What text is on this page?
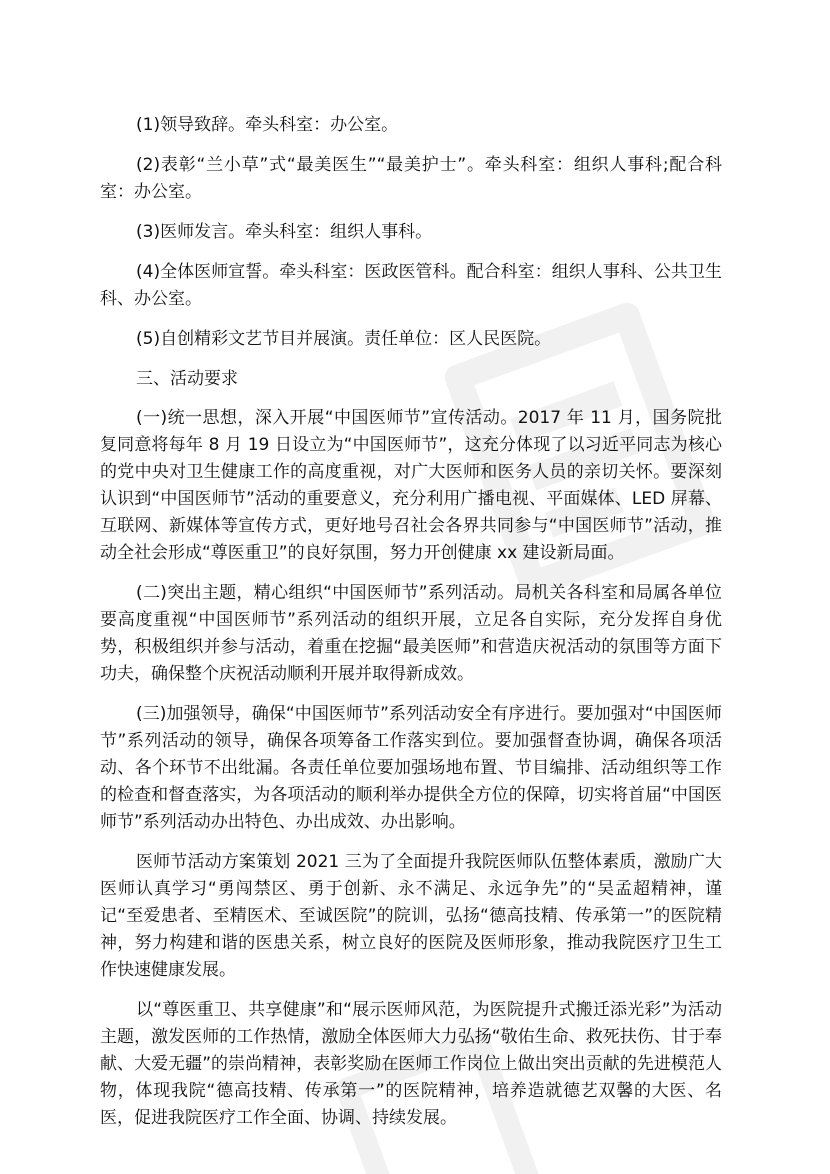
(1)领导致辞。牵头科室：办公室。

(2)表彰“兰小草”式“最美医生”“最美护士”。牵头科室：组织人事科;配合科室：办公室。

(3)医师发言。牵头科室：组织人事科。

(4)全体医师宣誓。牵头科室：医政医管科。配合科室：组织人事科、公共卫生科、办公室。

(5)自创精彩文艺节目并展演。责任单位：区人民医院。

三、活动要求

(一)统一思想，深入开展“中国医师节”宣传活动。2017 年 11 月，国务院批复同意将每年 8 月 19 日设立为“中国医师节”，这充分体现了以习近平同志为核心的党中央对卫生健康工作的高度重视，对广大医师和医务人员的亲切关怀。要深刻认识到“中国医师节”活动的重要意义，充分利用广播电视、平面媒体、LED 屏幕、互联网、新媒体等宣传方式，更好地号召社会各界共同参与“中国医师节”活动，推动全社会形成“尊医重卫”的良好氛围，努力开创健康 xx 建设新局面。

(二)突出主题，精心组织“中国医师节”系列活动。局机关各科室和局属各单位要高度重视“中国医师节”系列活动的组织开展，立足各自实际，充分发挥自身优势，积极组织并参与活动，着重在挖掘“最美医师”和营造庆祝活动的氛围等方面下功夫，确保整个庆祝活动顺利开展并取得新成效。

(三)加强领导，确保“中国医师节”系列活动安全有序进行。要加强对“中国医师节”系列活动的领导，确保各项筹备工作落实到位。要加强督查协调，确保各项活动、各个环节不出纰漏。各责任单位要加强场地布置、节目编排、活动组织等工作的检查和督查落实，为各项活动的顺利举办提供全方位的保障，切实将首届“中国医师节”系列活动办出特色、办出成效、办出影响。

医师节活动方案策划 2021 三为了全面提升我院医师队伍整体素质，激励广大医师认真学习“勇闯禁区、勇于创新、永不满足、永远争先”的“吴孟超精神，谨记“至爱患者、至精医术、至诚医院”的院训，弘扬“德高技精、传承第一”的医院精神，努力构建和谐的医患关系，树立良好的医院及医师形象，推动我院医疗卫生工作快速健康发展。

以“尊医重卫、共享健康”和“展示医师风范，为医院提升式搬迁添光彩”为活动主题，激发医师的工作热情，激励全体医师大力弘扬“敬佑生命、救死扶伤、甘于奉献、大爱无疆”的崇尚精神，表彰奖励在医师工作岗位上做出突出贡献的先进模范人物，体现我院“德高技精、传承第一”的医院精神，培养造就德艺双馨的大医、名医，促进我院医疗工作全面、协调、持续发展。
